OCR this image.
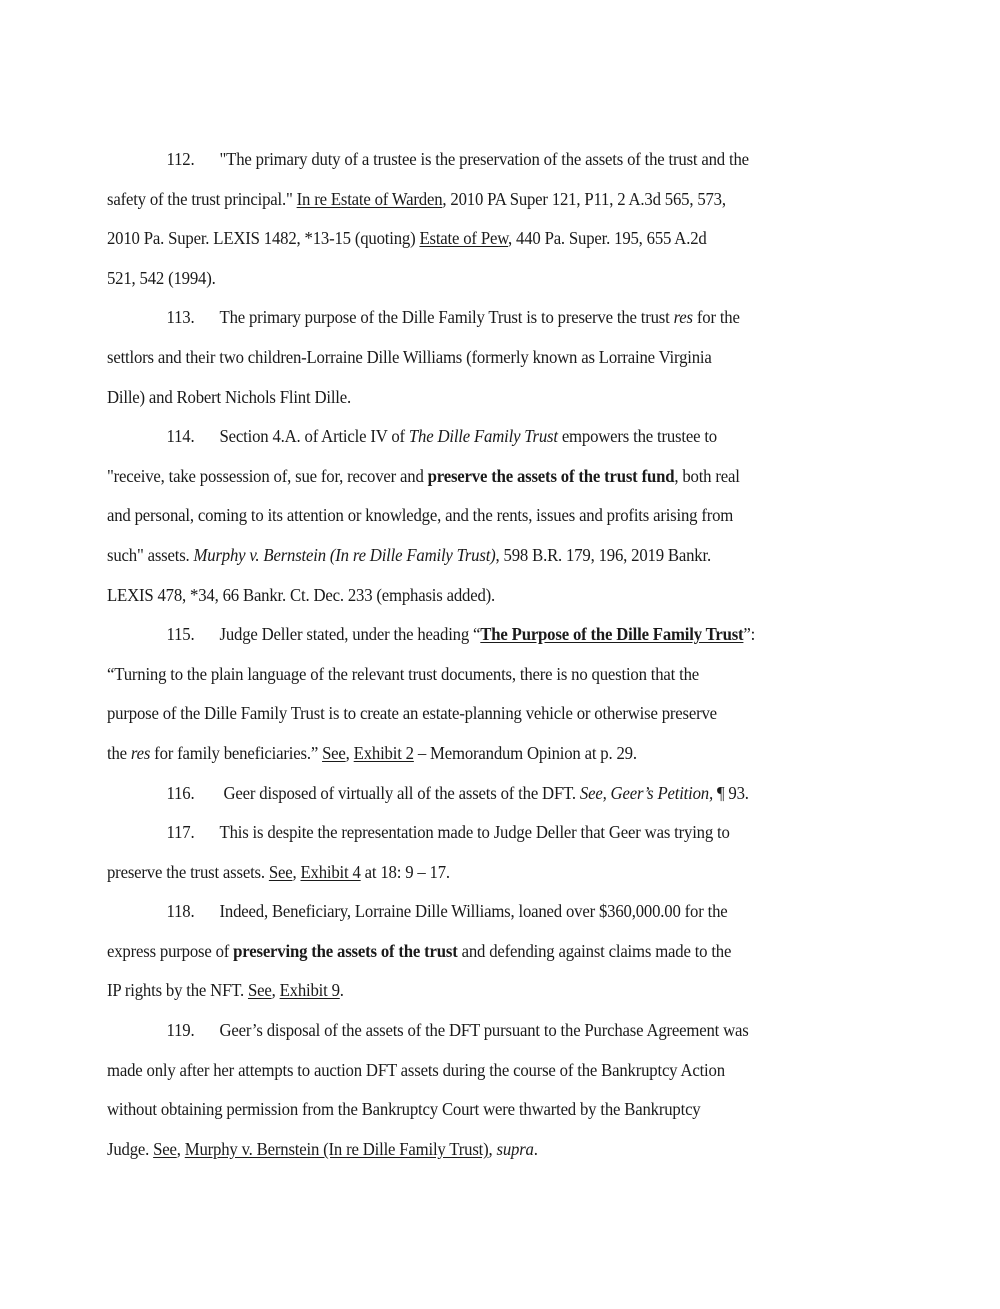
112. "The primary duty of a trustee is the preservation of the assets of the trust and the
safety of the trust principal." In re Estate of Warden, 2010 PA Super 121, P11, 2 A.3d 565, 573,
2010 Pa. Super. LEXIS 1482, *13-15 (quoting) Estate of Pew, 440 Pa. Super. 195, 655 A.2d
521, 542 (1994).

113. The primary purpose of the Dille Family Trust is to preserve the trust res for the
settlors and their two children-Lorraine Dille Williams (formerly known as Lorraine Virginia
Dille) and Robert Nichols Flint Dille.

114. Section 4.A. of Article IV of The Dille Family Trust empowers the trustee to
"receive, take possession of, sue for, recover and preserve the assets of the trust fund, both real
and personal, coming to its attention or knowledge, and the rents, issues and profits arising from
such" assets. Murphy v. Bernstein (In re Dille Family Trust), 598 B.R. 179, 196, 2019 Bankr.
LEXIS 478, *34, 66 Bankr. Ct. Dec. 233 (emphasis added).

115. Judge Deller stated, under the heading “The Purpose of the Dille Family Trust”:
“Turning to the plain language of the relevant trust documents, there is no question that the
purpose of the Dille Family Trust is to create an estate-planning vehicle or otherwise preserve
the res for family beneficiaries.” See, Exhibit 2 – Memorandum Opinion at p. 29.

116. Geer disposed of virtually all of the assets of the DFT. See, Geer’s Petition, ¶ 93.

117. This is despite the representation made to Judge Deller that Geer was trying to
preserve the trust assets. See, Exhibit 4 at 18: 9 – 17.

118. Indeed, Beneficiary, Lorraine Dille Williams, loaned over $360,000.00 for the
express purpose of preserving the assets of the trust and defending against claims made to the
IP rights by the NFT. See, Exhibit 9.

119. Geer’s disposal of the assets of the DFT pursuant to the Purchase Agreement was
made only after her attempts to auction DFT assets during the course of the Bankruptcy Action
without obtaining permission from the Bankruptcy Court were thwarted by the Bankruptcy
Judge. See, Murphy v. Bernstein (In re Dille Family Trust), supra.
